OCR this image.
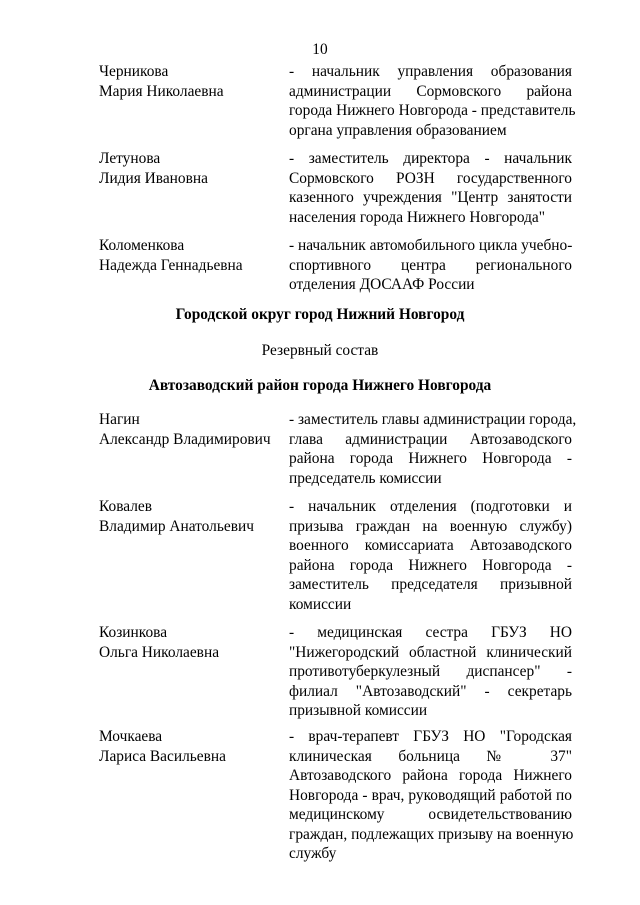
10
Черникова
Мария Николаевна
- начальник управления образования
администрации Сормовского района
города Нижнего Новгорода - представитель
органа управления образованием
Летунова
Лидия Ивановна
- заместитель директора - начальник
Сормовского РОЗН государственного
казенного учреждения "Центр занятости
населения города Нижнего Новгорода"
Коломенкова
Надежда Геннадьевна
- начальник автомобильного цикла учебно-
спортивного центра регионального
отделения ДОСААФ России
Городской округ город Нижний Новгород
Резервный состав
Автозаводский район города Нижнего Новгорода
Нагин
Александр Владимирович
- заместитель главы администрации города,
глава администрации Автозаводского
района города Нижнего Новгорода -
председатель комиссии
Ковалев
Владимир Анатольевич
- начальник отделения (подготовки и
призыва граждан на военную службу)
военного комиссариата Автозаводского
района города Нижнего Новгорода -
заместитель председателя призывной
комиссии
Козинкова
Ольга Николаевна
- медицинская сестра ГБУЗ НО
"Нижегородский областной клинический
противотуберкулезный диспансер" -
филиал "Автозаводский" - секретарь
призывной комиссии
Мочкаева
Лариса Васильевна
- врач-терапевт ГБУЗ НО "Городская
клиническая больница № 37"
Автозаводского района города Нижнего
Новгорода - врач, руководящий работой по
медицинскому освидетельствованию
граждан, подлежащих призыву на военную
службу
